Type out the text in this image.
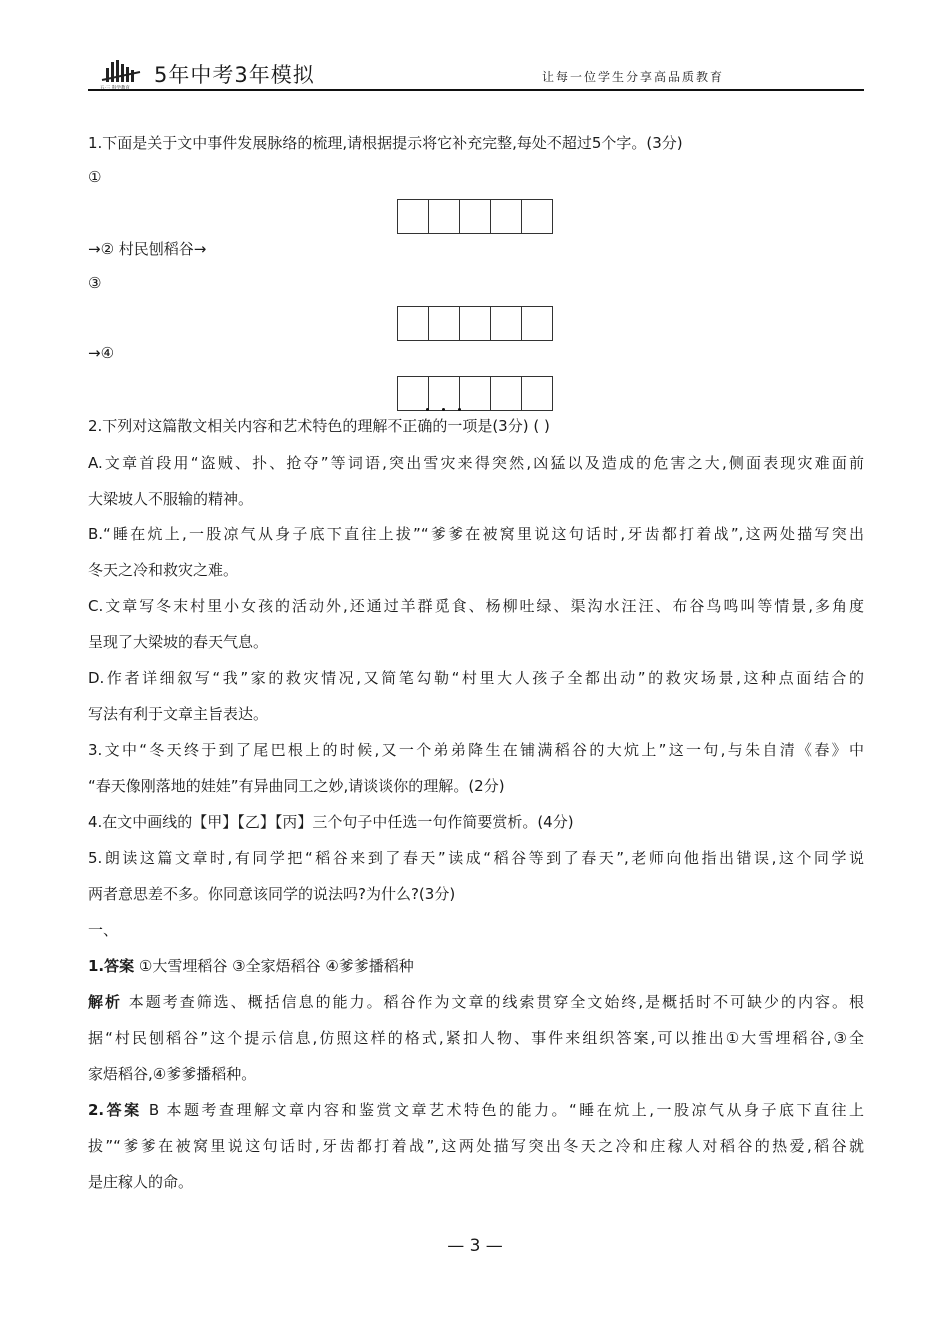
五·三 科学教育
5年中考3年模拟	让每一位学生分享高品质教育
1.下面是关于文中事件发展脉络的梳理,请根据提示将它补充完整,每处不超过5个字。(3分)
①
→② 村民刨稻谷→
③
→④
2.下列对这篇散文相关内容和艺术特色的理解不正确的一项是(3分) ( )
A.文章首段用“盗贼、扑、抢夺”等词语,突出雪灾来得突然,凶猛以及造成的危害之大,侧面表现灾难面前
大梁坡人不服输的精神。
B.“睡在炕上,一股凉气从身子底下直往上拔”“爹爹在被窝里说这句话时,牙齿都打着战”,这两处描写突出
冬天之冷和救灾之难。
C.文章写冬末村里小女孩的活动外,还通过羊群觅食、杨柳吐绿、渠沟水汪汪、布谷鸟鸣叫等情景,多角度
呈现了大梁坡的春天气息。
D.作者详细叙写“我”家的救灾情况,又简笔勾勒“村里大人孩子全都出动”的救灾场景,这种点面结合的
写法有利于文章主旨表达。
3.文中“冬天终于到了尾巴根上的时候,又一个弟弟降生在铺满稻谷的大炕上”这一句,与朱自清《春》中
“春天像刚落地的娃娃”有异曲同工之妙,请谈谈你的理解。(2分)
4.在文中画线的【甲】【乙】【丙】三个句子中任选一句作简要赏析。(4分)
5.朗读这篇文章时,有同学把“稻谷来到了春天”读成“稻谷等到了春天”,老师向他指出错误,这个同学说
两者意思差不多。你同意该同学的说法吗?为什么?(3分)
一、
1.答案 ①大雪埋稻谷 ③全家焐稻谷 ④爹爹播稻种
解析 本题考查筛选、概括信息的能力。稻谷作为文章的线索贯穿全文始终,是概括时不可缺少的内容。根
据“村民刨稻谷”这个提示信息,仿照这样的格式,紧扣人物、事件来组织答案,可以推出①大雪埋稻谷,③全
家焐稻谷,④爹爹播稻种。
2.答案 B 本题考查理解文章内容和鉴赏文章艺术特色的能力。“睡在炕上,一股凉气从身子底下直往上
拔”“爹爹在被窝里说这句话时,牙齿都打着战”,这两处描写突出冬天之冷和庄稼人对稻谷的热爱,稻谷就
是庄稼人的命。
— 3 —
